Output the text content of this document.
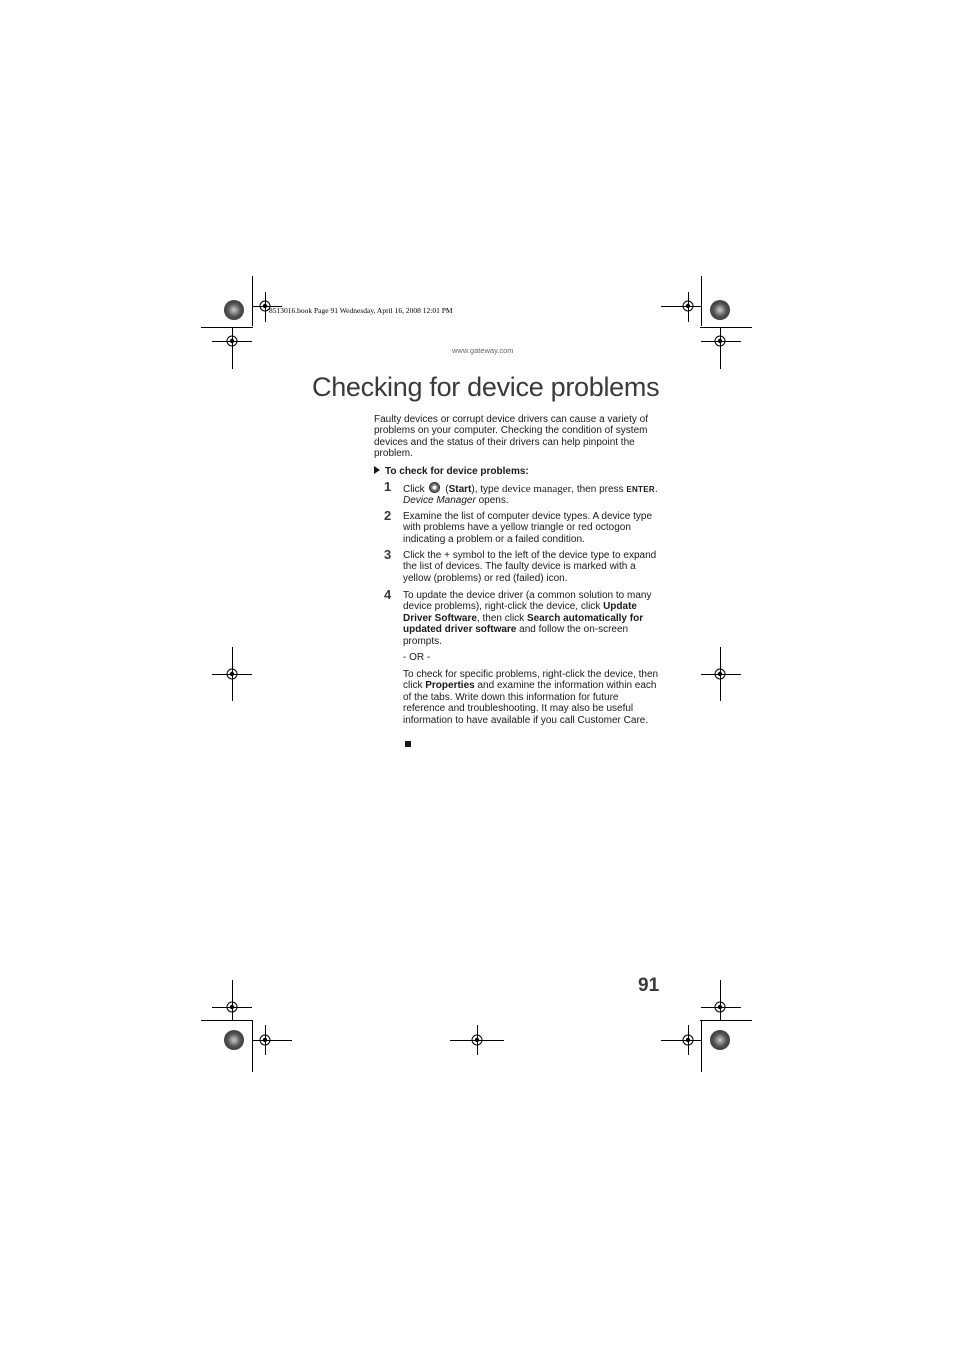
8513016.book Page 91 Wednesday, April 16, 2008 12:01 PM
www.gateway.com
Checking for device problems
Faulty devices or corrupt device drivers can cause a variety of problems on your computer. Checking the condition of system devices and the status of their drivers can help pinpoint the problem.
To check for device problems:
1 Click (Start), type device manager, then press ENTER. Device Manager opens.
2 Examine the list of computer device types. A device type with problems have a yellow triangle or red octogon indicating a problem or a failed condition.
3 Click the + symbol to the left of the device type to expand the list of devices. The faulty device is marked with a yellow (problems) or red (failed) icon.
4 To update the device driver (a common solution to many device problems), right-click the device, click Update Driver Software, then click Search automatically for updated driver software and follow the on-screen prompts.
- OR -
To check for specific problems, right-click the device, then click Properties and examine the information within each of the tabs. Write down this information for future reference and troubleshooting. It may also be useful information to have available if you call Customer Care.
91
